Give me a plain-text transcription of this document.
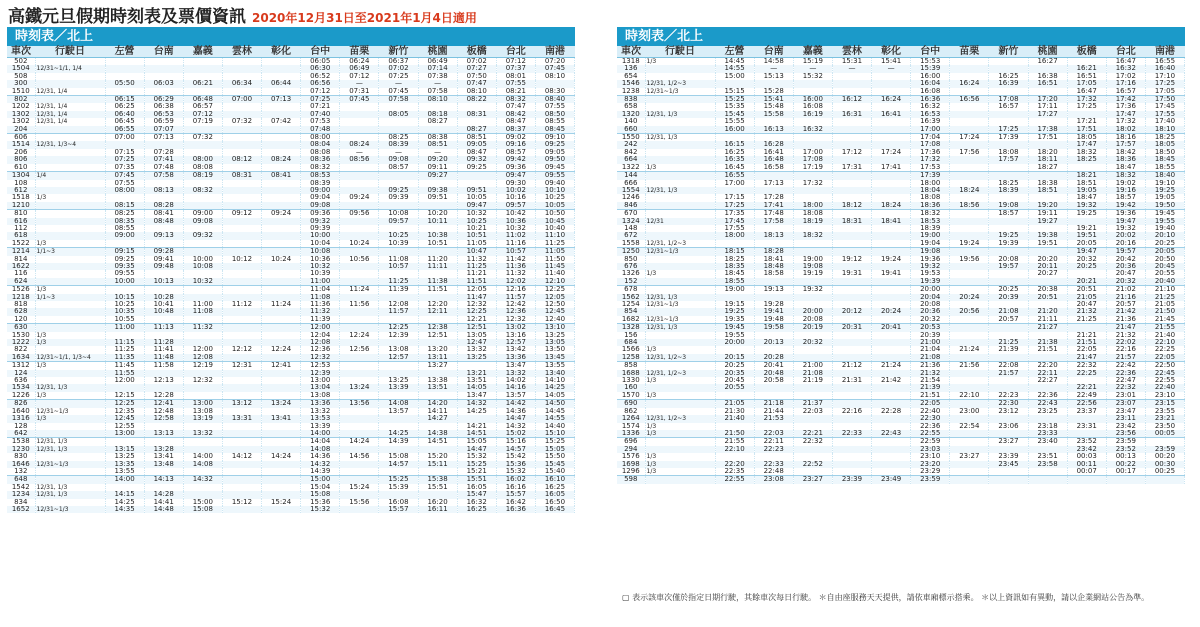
高鐵元旦假期時刻表及票價資訊 2020年12月31日至2021年1月4日適用
時刻表／北上
車次	行駛日	左營	台南	嘉義	雲林	彰化	台中	苗栗	新竹	桃園	板橋	台北	南港
502							06:05	06:24	06:37	06:49	07:02	07:12	07:20
1504	12/31~1/1, 1/4						06:30	06:49	07:02	07:14	07:27	07:37	07:45
508							06:52	07:12	07:25	07:38	07:50	08:01	08:10
300		05:50	06:03	06:21	06:34	06:44	06:56	—	—	—	07:47	07:55	
1510	12/31, 1/4						07:12	07:31	07:45	07:58	08:10	08:21	08:30
802		06:15	06:29	06:48	07:00	07:13	07:25	07:45	07:58	08:10	08:22	08:32	08:40
1202	12/31, 1/4	06:25	06:38	06:57			07:21					07:47	07:55
1302	12/31, 1/4	06:40	06:53	07:12			07:40		08:05	08:18	08:31	08:42	08:50
1302	12/31, 1/4	06:45	06:59	07:19	07:32	07:42	07:53			08:27		08:47	08:55
204		06:55	07:07				07:48				08:27	08:37	08:45
606		07:00	07:13	07:32			08:00		08:25	08:38	08:51	09:02	09:10
1514	12/31, 1/3~4						08:04	08:24	08:39	08:51	09:05	09:16	09:25
206		07:15	07:28				08:08	—	—	—	08:47	08:57	09:05
806		07:25	07:41	08:00	08:12	08:24	08:36	08:56	09:08	09:20	09:32	09:42	09:50
610		07:35	07:48	08:08			08:32		08:57	09:11	09:25	09:36	09:45
1304	1/4	07:45	07:58	08:19	08:31	08:41	08:53			09:27		09:47	09:55
108		07:55					08:39					09:30	09:40
612		08:00	08:13	08:32			09:00		09:25	09:38	09:51	10:02	10:10
1518	1/3						09:04	09:24	09:39	09:51	10:05	10:16	10:25
1210		08:15	08:28				09:08				09:47	09:57	10:05
810		08:25	08:41	09:00	09:12	09:24	09:36	09:56	10:08	10:20	10:32	10:42	10:50
616		08:35	08:48	09:08			09:32		09:57	10:11	10:25	10:36	10:45
112		08:55					09:39				10:21	10:32	10:40
618		09:00	09:13	09:32			10:00		10:25	10:38	10:51	11:02	11:10
1522	1/3						10:04	10:24	10:39	10:51	11:05	11:16	11:25
1214	1/1~3	09:15	09:28				10:08				10:47	10:57	11:05
814		09:25	09:41	10:00	10:12	10:24	10:36	10:56	11:08	11:20	11:32	11:42	11:50
1622		09:35	09:48	10:08			10:32		10:57	11:11	11:25	11:36	11:45
116		09:55					10:39				11:21	11:32	11:40
624		10:00	10:13	10:32			11:00		11:25	11:38	11:51	12:02	12:10
1526	1/3						11:04	11:24	11:39	11:51	12:05	12:16	12:25
1218	1/1~3	10:15	10:28				11:08				11:47	11:57	12:05
818		10:25	10:41	11:00	11:12	11:24	11:36	11:56	12:08	12:20	12:32	12:42	12:50
628		10:35	10:48	11:08			11:32		11:57	12:11	12:25	12:36	12:45
120		10:55					11:39				12:21	12:32	12:40
630		11:00	11:13	11:32			12:00		12:25	12:38	12:51	13:02	13:10
1530	1/3						12:04	12:24	12:39	12:51	13:05	13:16	13:25
1222	1/3	11:15	11:28				12:08				12:47	12:57	13:05
822		11:25	11:41	12:00	12:12	12:24	12:36	12:56	13:08	13:20	13:32	13:42	13:50
1634	12/31~1/1, 1/3~4	11:35	11:48	12:08			12:32		12:57	13:11	13:25	13:36	13:45
1312	1/3	11:45	11:58	12:19	12:31	12:41	12:53			13:27		13:47	13:55
124		11:55					12:39				13:21	13:32	13:40
636		12:00	12:13	12:32			13:00		13:25	13:38	13:51	14:02	14:10
1534	12/31, 1/3						13:04	13:24	13:39	13:51	14:05	14:16	14:25
1226	1/3	12:15	12:28				13:08				13:47	13:57	14:05
826		12:25	12:41	13:00	13:12	13:24	13:36	13:56	14:08	14:20	14:32	14:42	14:50
1640	12/31~1/3	12:35	12:48	13:08			13:32		13:57	14:11	14:25	14:36	14:45
1316	1/3	12:45	12:58	13:19	13:31	13:41	13:53			14:27		14:47	14:55
128		12:55					13:39				14:21	14:32	14:40
642		13:00	13:13	13:32			14:00		14:25	14:38	14:51	15:02	15:10
1538	12/31, 1/3						14:04	14:24	14:39	14:51	15:05	15:16	15:25
1230	12/31, 1/3	13:15	13:28				14:08				14:47	14:57	15:05
830		13:25	13:41	14:00	14:12	14:24	14:36	14:56	15:08	15:20	15:32	15:42	15:50
1646	12/31~1/3	13:35	13:48	14:08			14:32		14:57	15:11	15:25	15:36	15:45
132		13:55					14:39				15:21	15:32	15:40
648		14:00	14:13	14:32			15:00		15:25	15:38	15:51	16:02	16:10
1542	12/31, 1/3						15:04	15:24	15:39	15:51	16:05	16:16	16:25
1234	12/31, 1/3	14:15	14:28				15:08				15:47	15:57	16:05
834		14:25	14:41	15:00	15:12	15:24	15:36	15:56	16:08	16:20	16:32	16:42	16:50
1652	12/31~1/3	14:35	14:48	15:08			15:32		15:57	16:11	16:25	16:36	16:45
時刻表／北上
車次	行駛日	左營	台南	嘉義	雲林	彰化	台中	苗栗	新竹	桃園	板橋	台北	南港
1318	1/3	14:45	14:58	15:19	15:31	15:41	15:53			16:27		16:47	16:55
136		14:55	—	—	—	—	15:39				16:21	16:32	16:40
654		15:00	15:13	15:32			16:00		16:25	16:38	16:51	17:02	17:10
1546	12/31, 1/2~3						16:04	16:24	16:39	16:51	17:05	17:16	17:25
1238	12/31~1/3	15:15	15:28				16:08				16:47	16:57	17:05
838		15:25	15:41	16:00	16:12	16:24	16:36	16:56	17:08	17:20	17:32	17:42	17:50
658		15:35	15:48	16:08			16:32		16:57	17:11	17:25	17:36	17:45
1320	12/31, 1/3	15:45	15:58	16:19	16:31	16:41	16:53			17:27		17:47	17:55
140		15:55					16:39				17:21	17:32	17:40
660		16:00	16:13	16:32			17:00		17:25	17:38	17:51	18:02	18:10
1550	12/31, 1/3						17:04	17:24	17:39	17:51	18:05	18:16	18:25
242		16:15	16:28				17:08				17:47	17:57	18:05
842		16:25	16:41	17:00	17:12	17:24	17:36	17:56	18:08	18:20	18:32	18:42	18:50
664		16:35	16:48	17:08			17:32		17:57	18:11	18:25	18:36	18:45
1322	1/3	16:45	16:58	17:19	17:31	17:41	17:53			18:27		18:47	18:55
144		16:55					17:39				18:21	18:32	18:40
666		17:00	17:13	17:32			18:00		18:25	18:38	18:51	19:02	19:10
1554	12/31, 1/3						18:04	18:24	18:39	18:51	19:05	19:16	19:25
1246		17:15	17:28				18:08				18:47	18:57	19:05
846		17:25	17:41	18:00	18:12	18:24	18:36	18:56	19:08	19:20	19:32	19:42	19:50
670		17:35	17:48	18:08			18:32		18:57	19:11	19:25	19:36	19:45
1324	12/31	17:45	17:58	18:19	18:31	18:41	18:53			19:27		19:47	19:55
148		17:55					18:39				19:21	19:32	19:40
672		18:00	18:13	18:32			19:00		19:25	19:38	19:51	20:02	20:10
1558	12/31, 1/2~3						19:04	19:24	19:39	19:51	20:05	20:16	20:25
1250	12/31~1/3	18:15	18:28				19:08				19:47	19:57	20:05
850		18:25	18:41	19:00	19:12	19:24	19:36	19:56	20:08	20:20	20:32	20:42	20:50
676		18:35	18:48	19:08			19:32		19:57	20:11	20:25	20:36	20:45
1326	1/3	18:45	18:58	19:19	19:31	19:41	19:53			20:27		20:47	20:55
152		18:55					19:39				20:21	20:32	20:40
678		19:00	19:13	19:32			20:00		20:25	20:38	20:51	21:02	21:10
1562	12/31, 1/3						20:04	20:24	20:39	20:51	21:05	21:16	21:25
1254	12/31~1/3	19:15	19:28				20:08				20:47	20:57	21:05
854		19:25	19:41	20:00	20:12	20:24	20:36	20:56	21:08	21:20	21:32	21:42	21:50
1682	12/31~1/3	19:35	19:48	20:08			20:32		20:57	21:11	21:25	21:36	21:45
1328	12/31, 1/3	19:45	19:58	20:19	20:31	20:41	20:53			21:27		21:47	21:55
156		19:55					20:39				21:21	21:32	21:40
684		20:00	20:13	20:32			21:00		21:25	21:38	21:51	22:02	22:10
1566	1/3						21:04	21:24	21:39	21:51	22:05	22:16	22:25
1258	12/31, 1/2~3	20:15	20:28				21:08				21:47	21:57	22:05
858		20:25	20:41	21:00	21:12	21:24	21:36	21:56	22:08	22:20	22:32	22:42	22:50
1688	12/31, 1/2~3	20:35	20:48	21:08			21:32		21:57	22:11	22:25	22:36	22:45
1330	1/3	20:45	20:58	21:19	21:31	21:42	21:54			22:27		22:47	22:55
160		20:55					21:39				22:21	22:32	22:40
1570	1/3						21:51	22:10	22:23	22:36	22:49	23:01	23:10
690		21:05	21:18	21:37			22:05		22:30	22:43	22:56	23:07	23:15
862		21:30	21:44	22:03	22:16	22:28	22:40	23:00	23:12	23:25	23:37	23:47	23:55
1264	12/31, 1/2~3	21:40	21:53				22:30					23:11	23:21
1574	1/3						22:36	22:54	23:06	23:18	23:31	23:42	23:50
1336	1/3	21:50	22:03	22:21	22:33	22:43	22:55			23:33		23:56	00:05
696		21:55	22:11	22:32			22:59		23:27	23:40	23:52	23:59	
294		22:10	22:23				23:03				23:42	23:52	23:59
1576	1/3						23:10	23:27	23:39	23:51	00:03	00:13	00:20
1698	1/3	22:20	22:33	22:52			23:20		23:45	23:58	00:11	00:22	00:30
1296	1/3	22:35	22:48				23:29				00:07	00:17	00:25
598		22:55	23:08	23:27	23:39	23:49	23:59						
▢ 表示該車次僅於指定日期行駛，其餘車次每日行駛。 ＊自由座服務天天提供，請依車廂標示搭乘。 ＊以上資訊如有異動，請以企業網站公告為準。
